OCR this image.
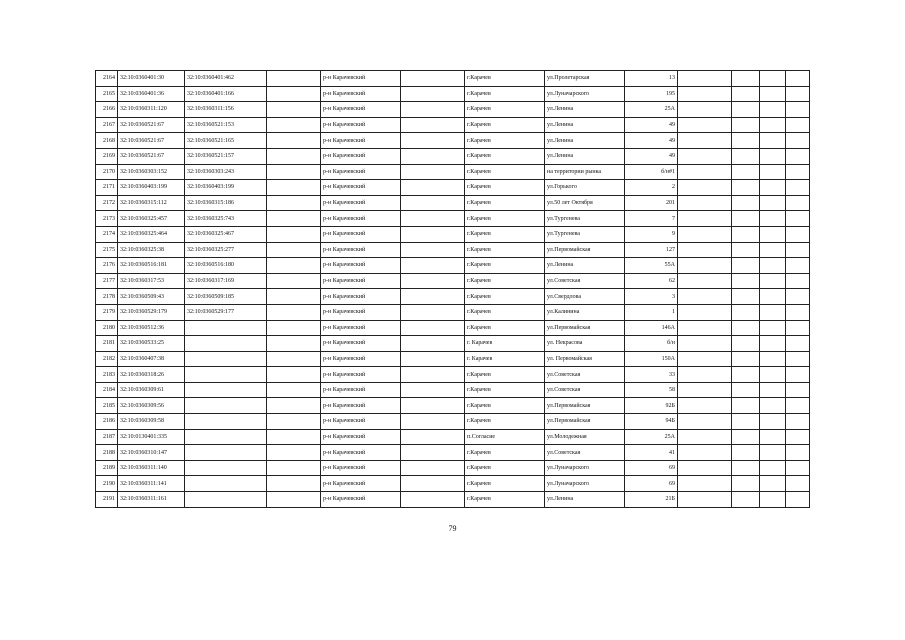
2164	32:10:0360401:30	32:10:0360401:462		р-н Карачевский		г.Карачев	ул.Пролетарская	13				
2165	32:10:0360401:36	32:10:0360401:166		р-н Карачевский		г.Карачев	ул.Луначарского	195				
2166	32:10:0360311:120	32:10:0360311:156		р-н Карачевский		г.Карачев	ул.Ленина	25А				
2167	32:10:0360521:67	32:10:0360521:153		р-н Карачевский		г.Карачев	ул.Ленина	49				
2168	32:10:0360521:67	32:10:0360521:165		р-н Карачевский		г.Карачев	ул.Ленина	49				
2169	32:10:0360521:67	32:10:0360521:157		р-н Карачевский		г.Карачев	ул.Ленина	49				
2170	32:10:0360303:152	32:10:0360303:243		р-н Карачевский		г.Карачев	на территории рынка	б/н#1				
2171	32:10:0360403:199	32:10:0360403:199		р-н Карачевский		г.Карачев	ул.Горького	2				
2172	32:10:0360315:112	32:10:0360315:186		р-н Карачевский		г.Карачев	ул.50 лет Октября	201				
2173	32:10:0360325:457	32:10:0360325:743		р-н Карачевский		г.Карачев	ул.Тургенева	7				
2174	32:10:0360325:464	32:10:0360325:467		р-н Карачевский		г.Карачев	ул.Тургенева	9				
2175	32:10:0360325:38	32:10:0360325:277		р-н Карачевский		г.Карачев	ул.Первомайская	127				
2176	32:10:0360516:181	32:10:0360516:180		р-н Карачевский		г.Карачев	ул.Ленина	55А				
2177	32:10:0360317:53	32:10:0360317:169		р-н Карачевский		г.Карачев	ул.Советская	62				
2178	32:10:0360509:43	32:10:0360509:185		р-н Карачевский		г.Карачев	ул.Свердлова	3				
2179	32:10:0360529:179	32:10:0360529:177		р-н Карачевский		г.Карачев	ул.Калинина	1				
2180	32:10:0360512:36			р-н Карачевский		г.Карачев	ул.Первомайская	146А				
2181	32:10:0360533:25			р-н Карачевский		г. Карачев	ул. Некрасова	б/н				
2182	32:10:0360407:38			р-н Карачевский		г. Карачев	ул. Первомайская	150А				
2183	32:10:0360318:26			р-н Карачевский		г.Карачев	ул.Советская	33				
2184	32:10:0360309:61			р-н Карачевский		г.Карачев	ул.Советская	58				
2185	32:10:0360309:56			р-н Карачевский		г.Карачев	ул.Первомайская	92Б				
2186	32:10:0360309:58			р-н Карачевский		г.Карачев	ул.Первомайская	94Б				
2187	32:10:0130401:335			р-н Карачевский		п.Согласие	ул.Молодежная	25А				
2188	32:10:0360310:147			р-н Карачевский		г.Карачев	ул.Советская	41				
2189	32:10:0360311:140			р-н Карачевский		г.Карачев	ул.Луначарского	69				
2190	32:10:0360311:141			р-н Карачевский		г.Карачев	ул.Луначарского	69				
2191	32:10:0360311:161			р-н Карачевский		г.Карачев	ул.Ленина	21Б				
79
